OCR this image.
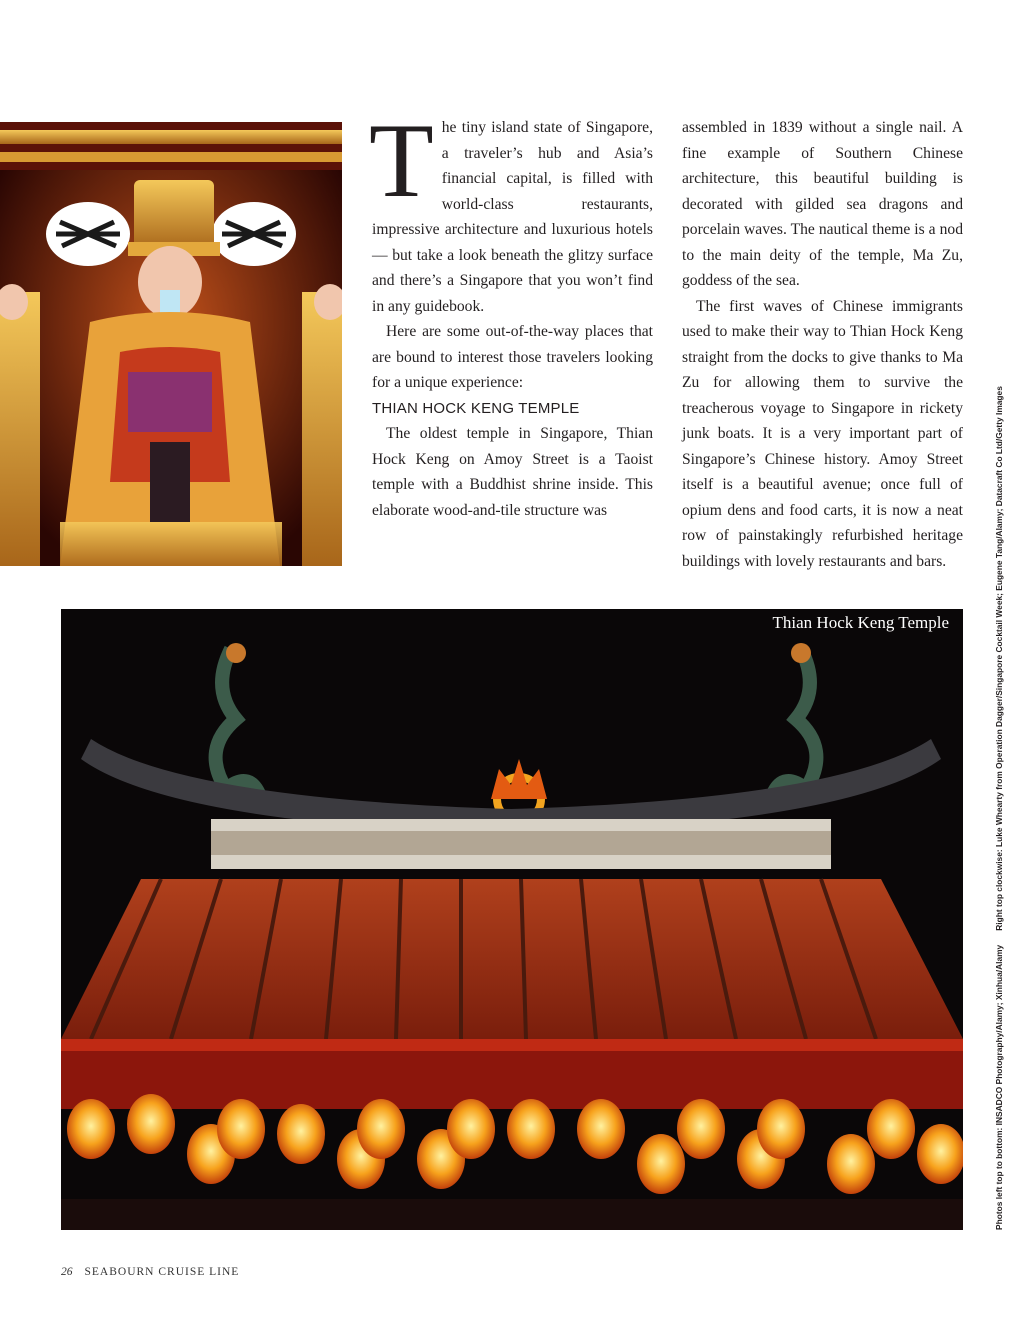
The tiny island state of Singapore, a traveler’s hub and Asia’s financial capital, is filled with world-class restaurants, impressive architecture and luxurious hotels — but take a look beneath the glitzy surface and there’s a Singapore that you won’t find in any guidebook.

Here are some out-of-the-way places that are bound to interest those travelers looking for a unique experience:

THIAN HOCK KENG TEMPLE

The oldest temple in Singapore, Thian Hock Keng on Amoy Street is a Taoist temple with a Buddhist shrine inside. This elaborate wood-and-tile structure was

assembled in 1839 without a single nail. A fine example of Southern Chinese architecture, this beautiful building is decorated with gilded sea dragons and porcelain waves. The nautical theme is a nod to the main deity of the temple, Ma Zu, goddess of the sea.

The first waves of Chinese immigrants used to make their way to Thian Hock Keng straight from the docks to give thanks to Ma Zu for allowing them to survive the treacherous voyage to Singapore in rickety junk boats. It is a very important part of Singapore’s Chinese history. Amoy Street itself is a beautiful avenue; once full of opium dens and food carts, it is now a neat row of painstakingly refurbished heritage buildings with lovely restaurants and bars.

Thian Hock Keng Temple
Photos left top to bottom: INSADCO Photography/Alamy; Xinhua/AlamyRight top clockwise: Luke Whearty from Operation Dagger/Singapore Cocktail Week; Eugene Tang/Alamy; Datacraft Co Ltd/Getty Images
26 SEABOURN CRUISE LINE
